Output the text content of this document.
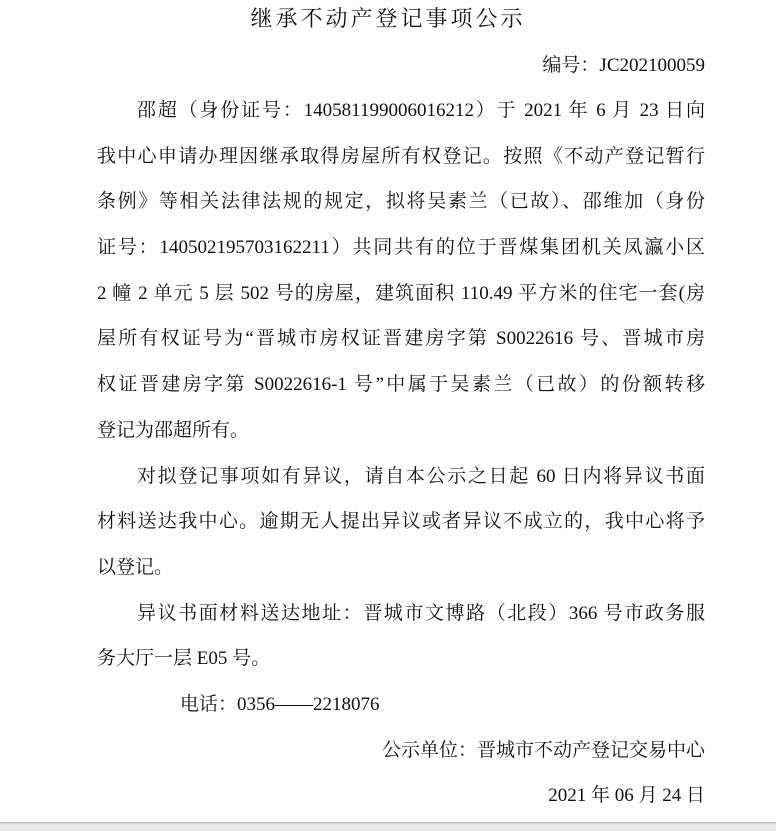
继承不动产登记事项公示
编号：JC202100059
邵超（身份证号：140581199006016212）于 2021 年 6 月 23 日向
我中心申请办理因继承取得房屋所有权登记。按照《不动产登记暂行
条例》等相关法律法规的规定，拟将吴素兰（已故）、邵维加（身份
证号：140502195703162211）共同共有的位于晋煤集团机关凤瀛小区
2 幢 2 单元 5 层 502 号的房屋，建筑面积 110.49 平方米的住宅一套(房
屋所有权证号为“晋城市房权证晋建房字第 S0022616 号、晋城市房
权证晋建房字第 S0022616-1 号”中属于吴素兰（已故）的份额转移
登记为邵超所有。
对拟登记事项如有异议，请自本公示之日起 60 日内将异议书面
材料送达我中心。逾期无人提出异议或者异议不成立的，我中心将予
以登记。
异议书面材料送达地址：晋城市文博路（北段）366 号市政务服
务大厅一层 E05 号。
电话：0356——2218076
公示单位：晋城市不动产登记交易中心
2021 年 06 月 24 日
